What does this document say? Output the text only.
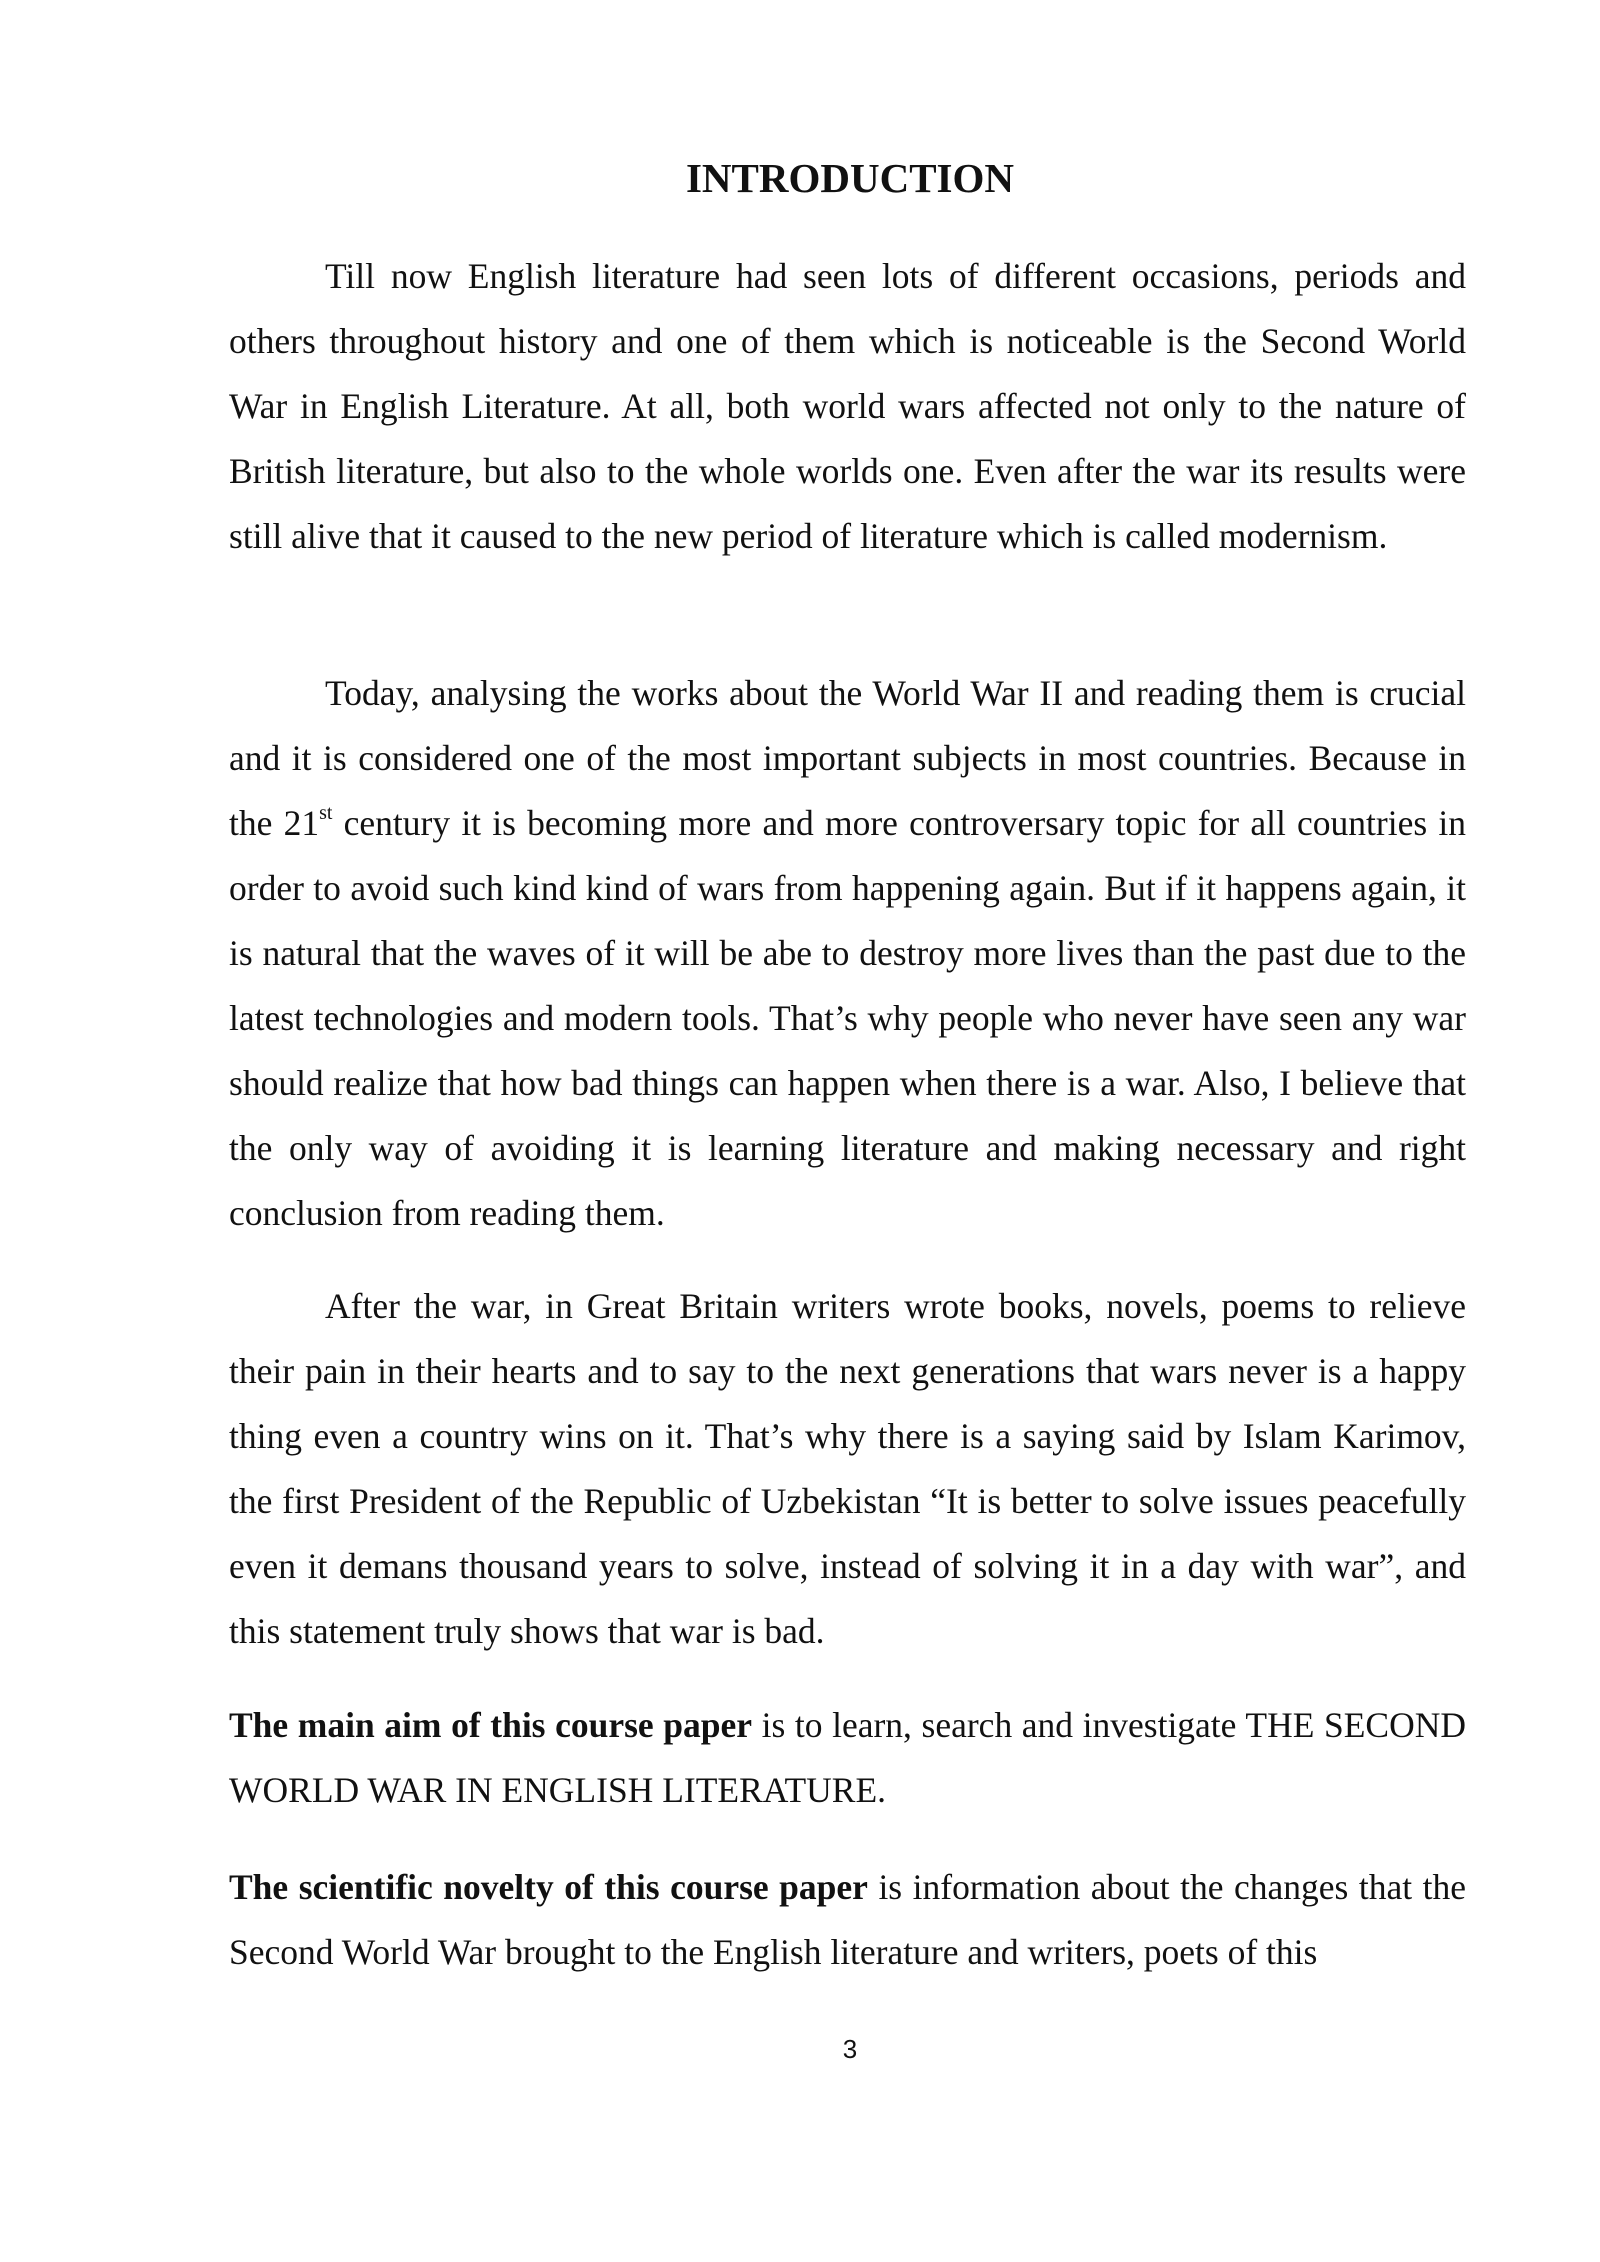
INTRODUCTION

Till now English literature had seen lots of different occasions, periods and others throughout history and one of them which is noticeable is the Second World War in English Literature. At all, both world wars affected not only to the nature of British literature, but also to the whole worlds one. Even after the war its results were still alive that it caused to the new period of literature which is called modernism.

Today, analysing the works about the World War II and reading them is crucial and it is considered one of the most important subjects in most countries. Because in the 21st century it is becoming more and more controversary topic for all countries in order to avoid such kind kind of wars from happening again. But if it happens again, it is natural that the waves of it will be abe to destroy more lives than the past due to the latest technologies and modern tools. That’s why people who never have seen any war should realize that how bad things can happen when there is a war. Also, I believe that the only way of avoiding it is learning literature and making necessary and right conclusion from reading them.

After the war, in Great Britain writers wrote books, novels, poems to relieve their pain in their hearts and to say to the next generations that wars never is a happy thing even a country wins on it. That’s why there is a saying said by Islam Karimov, the first President of the Republic of Uzbekistan “It is better to solve issues peacefully even it demans thousand years to solve, instead of solving it in a day with war”, and this statement truly shows that war is bad.

The main aim of this course paper is to learn, search and investigate THE SECOND WORLD WAR IN ENGLISH LITERATURE.

The scientific novelty of this course paper is information about the changes that the Second World War brought to the English literature and writers, poets of this

3
